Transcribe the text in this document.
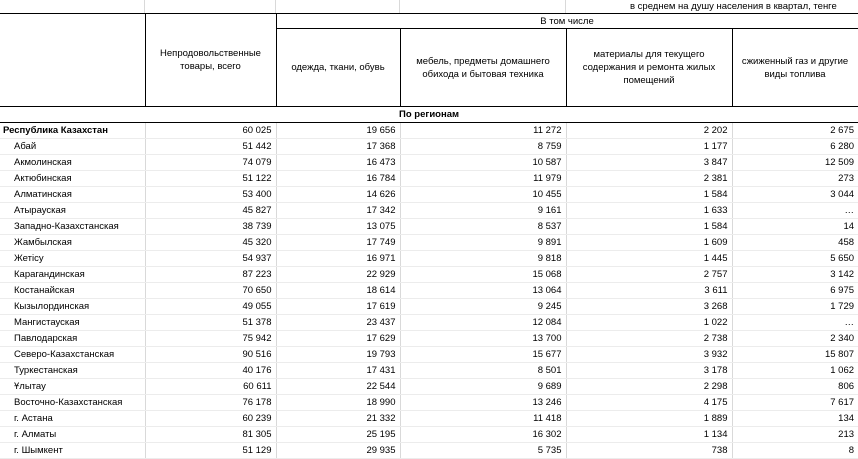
в среднем на душу населения в квартал, тенге
	Непродовольственные товары, всего	В том числе			
		одежда, ткани, обувь	мебель, предметы домашнего обихода и бытовая техника	материалы для текущего содержания и ремонта жилых помещений	сжиженный газ и другие виды топлива
По регионам					
Республика Казахстан	60 025	19 656	11 272	2 202	2 675
Абай	51 442	17 368	8 759	1 177	6 280
Акмолинская	74 079	16 473	10 587	3 847	12 509
Актюбинская	51 122	16 784	11 979	2 381	273
Алматинская	53 400	14 626	10 455	1 584	3 044
Атырауская	45 827	17 342	9 161	1 633	…
Западно-Казахстанская	38 739	13 075	8 537	1 584	14
Жамбылская	45 320	17 749	9 891	1 609	458
Жетісу	54 937	16 971	9 818	1 445	5 650
Карагандинская	87 223	22 929	15 068	2 757	3 142
Костанайская	70 650	18 614	13 064	3 611	6 975
Кызылординская	49 055	17 619	9 245	3 268	1 729
Мангистауская	51 378	23 437	12 084	1 022	…
Павлодарская	75 942	17 629	13 700	2 738	2 340
Северо-Казахстанская	90 516	19 793	15 677	3 932	15 807
Туркестанская	40 176	17 431	8 501	3 178	1 062
Ұлытау	60 611	22 544	9 689	2 298	806
Восточно-Казахстанская	76 178	18 990	13 246	4 175	7 617
г. Астана	60 239	21 332	11 418	1 889	134
г. Алматы	81 305	25 195	16 302	1 134	213
г. Шымкент	51 129	29 935	5 735	738	8
